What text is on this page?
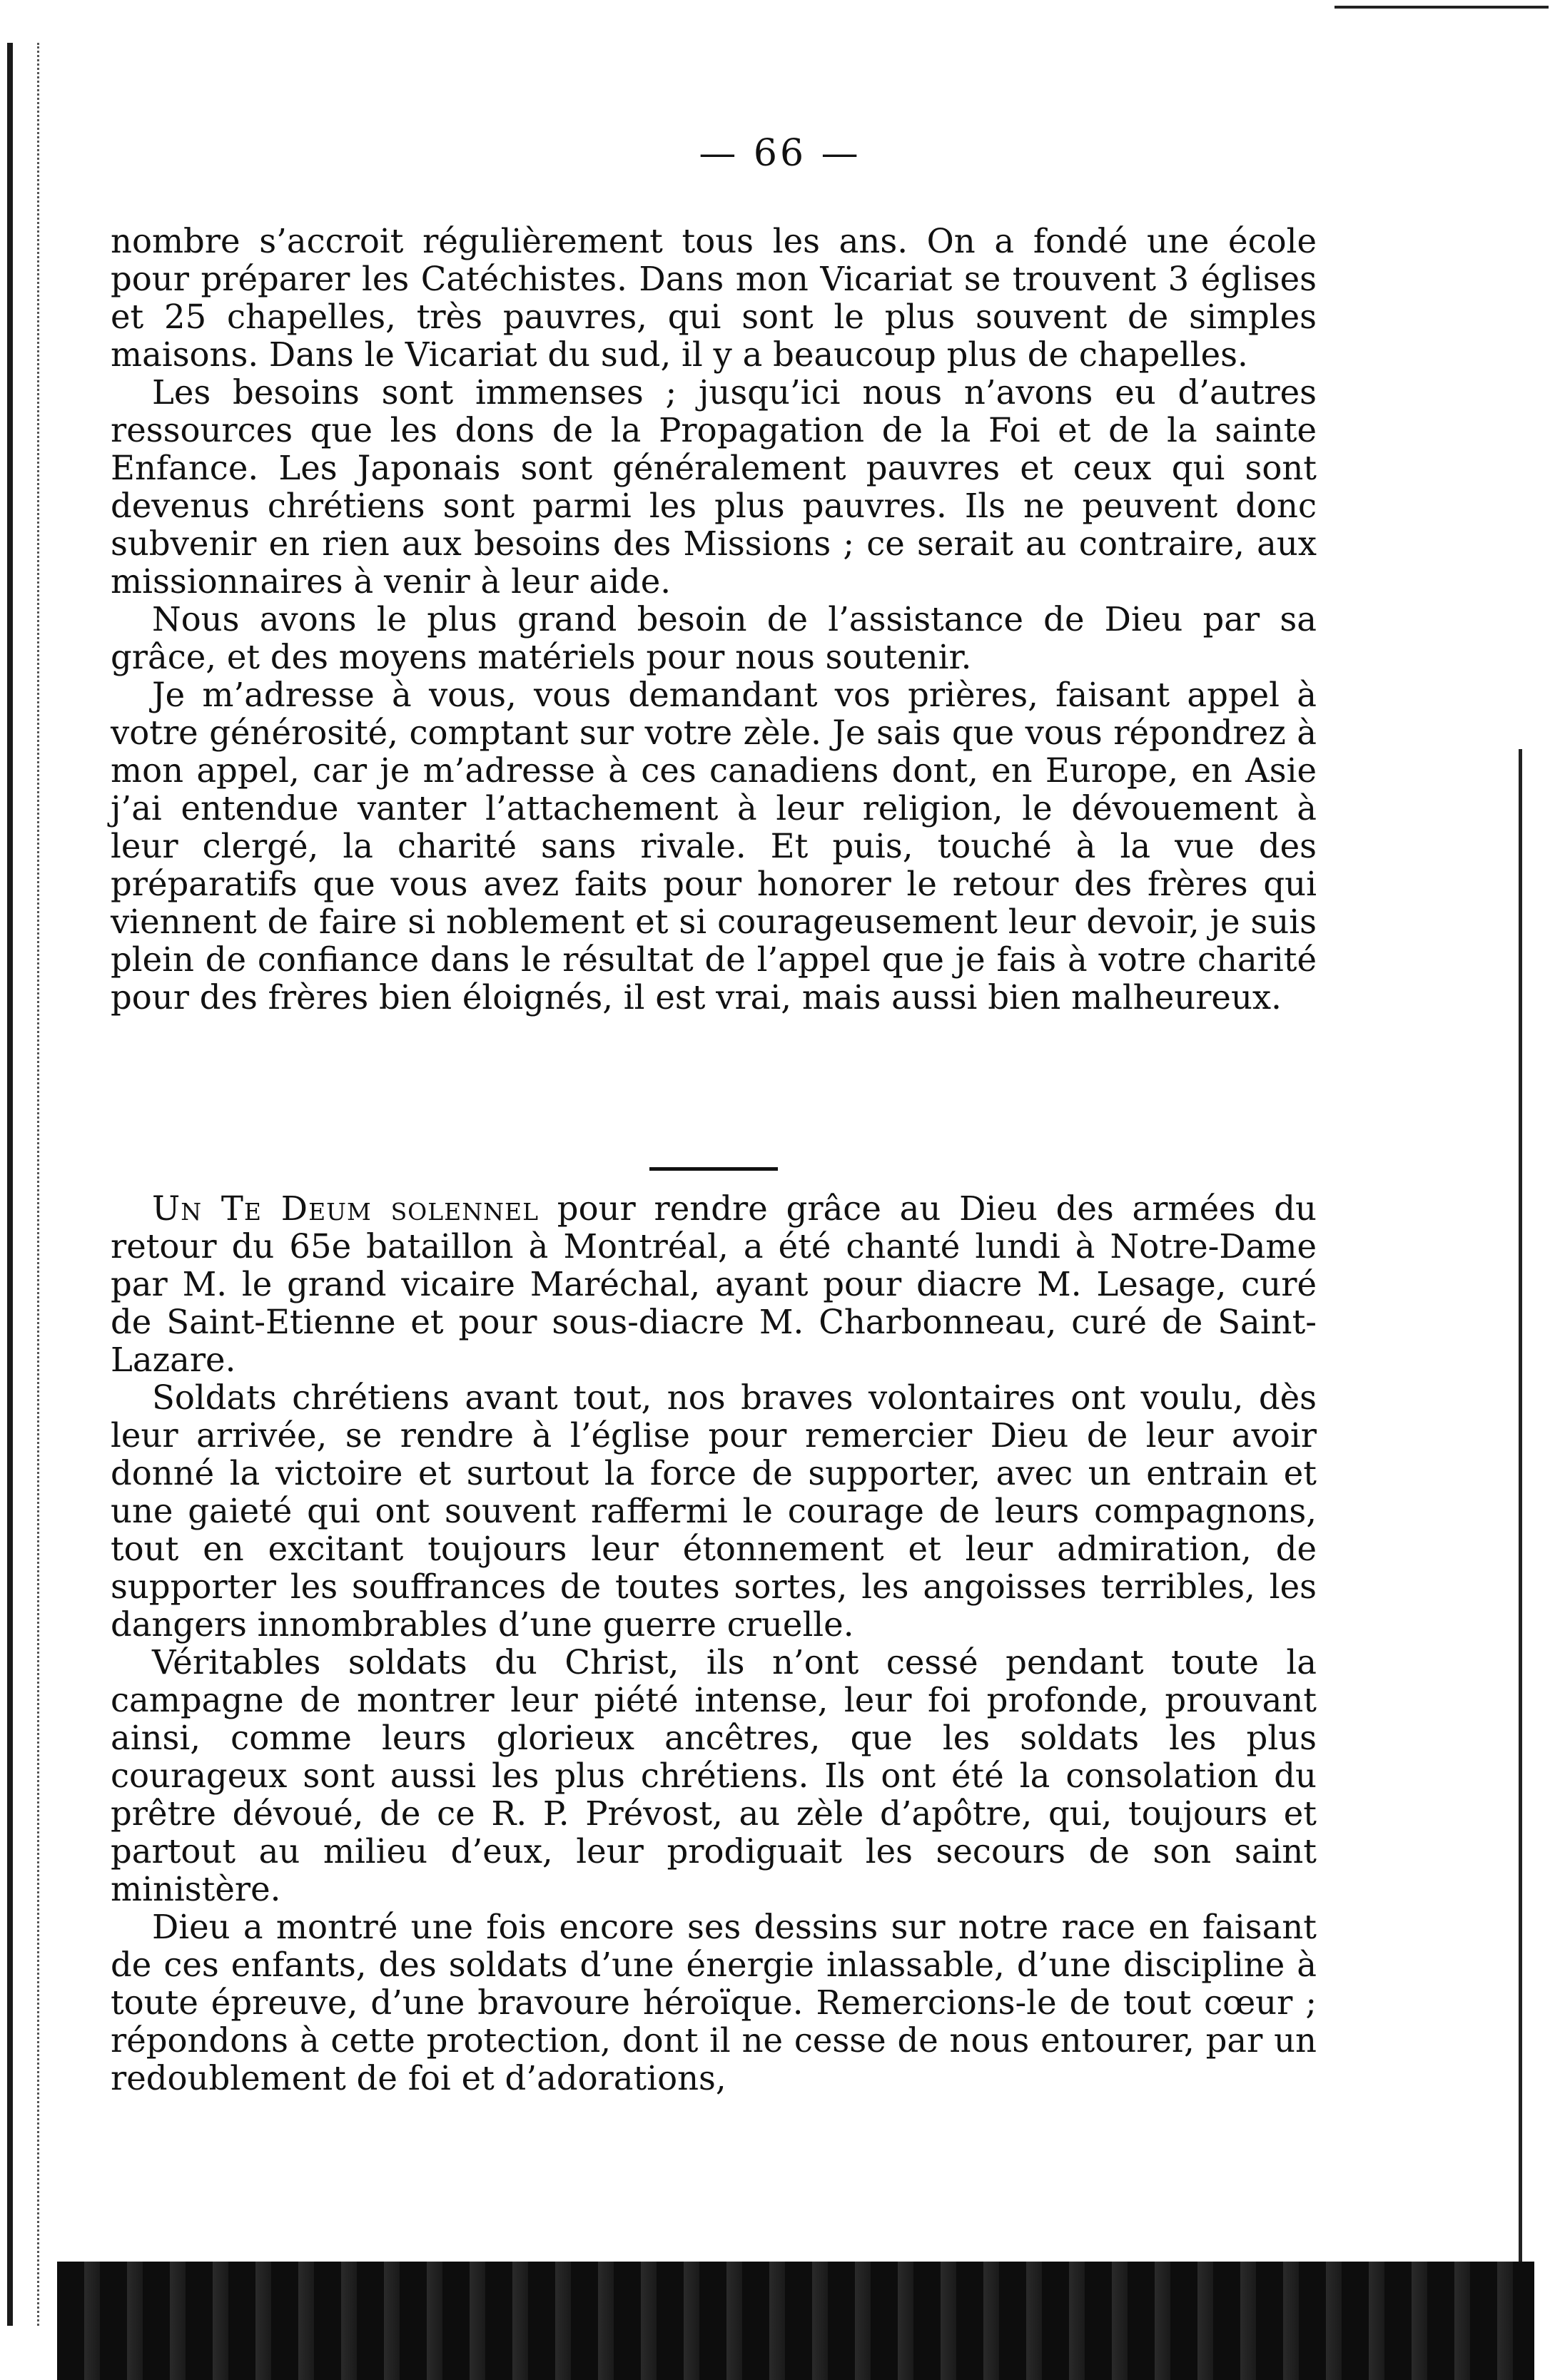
— 66 —

nombre s’accroit régulièrement tous les ans. On a fondé une école pour préparer les Catéchistes. Dans mon Vicariat se trouvent 3 églises et 25 chapelles, très pauvres, qui sont le plus souvent de simples maisons. Dans le Vicariat du sud, il y a beaucoup plus de chapelles.

Les besoins sont immenses ; jusqu’ici nous n’avons eu d’autres ressources que les dons de la Propagation de la Foi et de la sainte Enfance. Les Japonais sont généralement pauvres et ceux qui sont devenus chrétiens sont parmi les plus pauvres. Ils ne peuvent donc subvenir en rien aux besoins des Missions ; ce serait au contraire, aux missionnaires à venir à leur aide.

Nous avons le plus grand besoin de l’assistance de Dieu par sa grâce, et des moyens matériels pour nous soutenir.

Je m’adresse à vous, vous demandant vos prières, faisant appel à votre générosité, comptant sur votre zèle. Je sais que vous répondrez à mon appel, car je m’adresse à ces canadiens dont, en Europe, en Asie j’ai entendue vanter l’attachement à leur religion, le dévouement à leur clergé, la charité sans rivale. Et puis, touché à la vue des préparatifs que vous avez faits pour honorer le retour des frères qui viennent de faire si noblement et si courageusement leur devoir, je suis plein de confiance dans le résultat de l’appel que je fais à votre charité pour des frères bien éloignés, il est vrai, mais aussi bien malheureux.

Un Te Deum solennel pour rendre grâce au Dieu des armées du retour du 65e bataillon à Montréal, a été chanté lundi à Notre-Dame par M. le grand vicaire Maréchal, ayant pour diacre M. Lesage, curé de Saint-Etienne et pour sous-diacre M. Charbonneau, curé de Saint-Lazare.

Soldats chrétiens avant tout, nos braves volontaires ont voulu, dès leur arrivée, se rendre à l’église pour remercier Dieu de leur avoir donné la victoire et surtout la force de supporter, avec un entrain et une gaieté qui ont souvent raffermi le courage de leurs compagnons, tout en excitant toujours leur étonnement et leur admiration, de supporter les souffrances de toutes sortes, les angoisses terribles, les dangers innombrables d’une guerre cruelle.

Véritables soldats du Christ, ils n’ont cessé pendant toute la campagne de montrer leur piété intense, leur foi profonde, prouvant ainsi, comme leurs glorieux ancêtres, que les soldats les plus courageux sont aussi les plus chrétiens. Ils ont été la consolation du prêtre dévoué, de ce R. P. Prévost, au zèle d’apôtre, qui, toujours et partout au milieu d’eux, leur prodiguait les secours de son saint ministère.

Dieu a montré une fois encore ses dessins sur notre race en faisant de ces enfants, des soldats d’une énergie inlassable, d’une discipline à toute épreuve, d’une bravoure héroïque. Remercions-le de tout cœur ; répondons à cette protection, dont il ne cesse de nous entourer, par un redoublement de foi et d’adorations,
